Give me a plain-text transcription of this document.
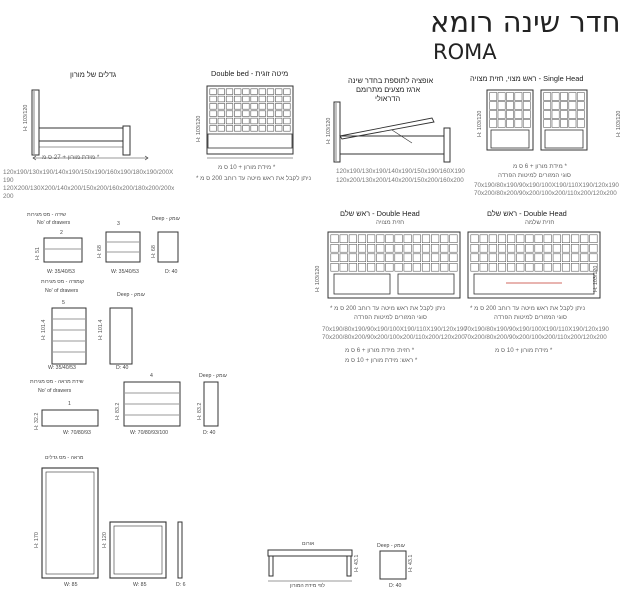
חדר שינה רומא
ROMA
גדלים של מורון
H: 103/120
מידת מורון + 27 ס מ *
120x190/130x190/140x190/150x190/160x190/180x190/200X
190
120X200/130X200/140x200/150x200/160x200/180x200/200x
200
Double bed - מיטה זוגית
H: 103/120
מידת מורון + 10 ס מ *
* ניתן לקבל את ראש מיטה עד רוחב 200 ס מ
אופציה לתוספת בחדר שינה
ארגז מצעים מתרומם
הדראולי
H: 103/120
120x190/130x190/140x190/150x190/160X190
120x200/130x200/140x200/150x200/160x200
ראש מצוי, חזית מצויה - Single Head
H: 103/120	H: 103/120
מידת מורון + 6 ס מ *
סוגי המזורים למיטות הפרדה
70x190/80x190/90x190/100X190/110X190/120x190
70x200/80x200/90x200/100x200/110x200/120x200
שידה - מס מגירות
No' of drawers
Deep - עומק
2
3
H: 51	H: 68	H: 68
W: 35/40/53	W: 35/40/53	D: 40
קומודה - מס מגירות
No' of drawers
Deep - עומק
5
H: 101.4	H: 101.4
W: 35/40/53	D: 40
שידת מראה - מס מגירות
No' of drawers
Deep - עומק
4
1
H: 32.2
H: 83.2	H: 83.2
W: 70/80/93	W: 70/80/93/100	D: 40
ראש שלם - Double Head
חזית מצויה
H: 103/120
* ניתן לקבל את ראש מיטה עד רוחב 200 ס מ
סוגי המזורים למיטות הפרדה
70x190/80x190/90x190/100X190/110X190/120x190
70x200/80x200/90x200/100x200/110x200/120x200
חזית: מידת מורון + 6 ס מ *
ראש: מידת מורון + 10 ס מ *
ראש שלם - Double Head
חזית שלמה
H: 103/120
* ניתן לקבל את ראש מיטה עד רוחב 200 ס מ
סוגי המזורים למיטות הפרדה
70x190/80x190/90x190/100X190/110X190/120x190
70x200/80x200/90x200/100x200/110x200/120x200
מידת מורון + 10 ס מ *
מראה - מס גדלים
H: 170	H: 120
W: 85	W: 85	D: 6
אורום
H: 43.1
לפי מידת המורון
Deep - עומק
H: 43.1
D: 40
